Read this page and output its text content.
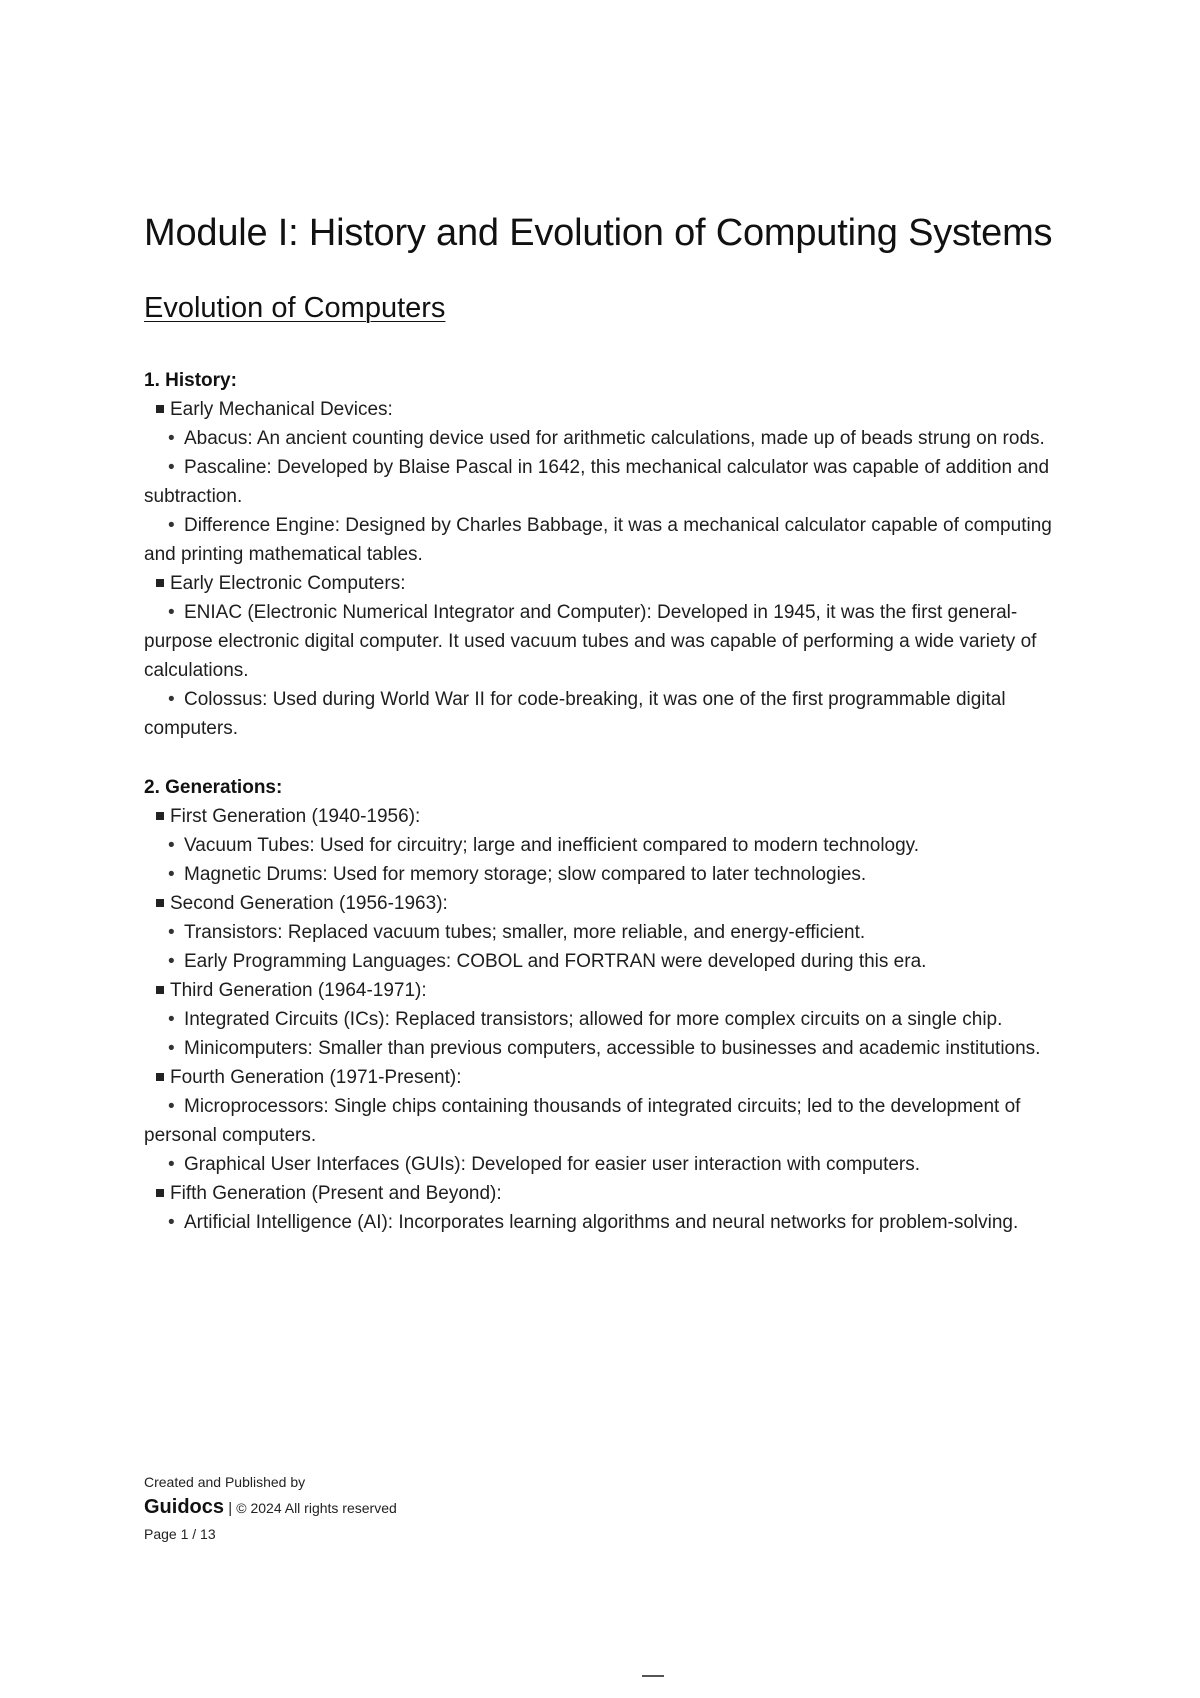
Module I: History and Evolution of Computing Systems
Evolution of Computers
1. History:
Early Mechanical Devices:
• Abacus: An ancient counting device used for arithmetic calculations, made up of beads strung on rods.
• Pascaline: Developed by Blaise Pascal in 1642, this mechanical calculator was capable of addition and subtraction.
• Difference Engine: Designed by Charles Babbage, it was a mechanical calculator capable of computing and printing mathematical tables.
Early Electronic Computers:
• ENIAC (Electronic Numerical Integrator and Computer): Developed in 1945, it was the first general-purpose electronic digital computer. It used vacuum tubes and was capable of performing a wide variety of calculations.
• Colossus: Used during World War II for code-breaking, it was one of the first programmable digital computers.
2. Generations:
First Generation (1940-1956):
• Vacuum Tubes: Used for circuitry; large and inefficient compared to modern technology.
• Magnetic Drums: Used for memory storage; slow compared to later technologies.
Second Generation (1956-1963):
• Transistors: Replaced vacuum tubes; smaller, more reliable, and energy-efficient.
• Early Programming Languages: COBOL and FORTRAN were developed during this era.
Third Generation (1964-1971):
• Integrated Circuits (ICs): Replaced transistors; allowed for more complex circuits on a single chip.
• Minicomputers: Smaller than previous computers, accessible to businesses and academic institutions.
Fourth Generation (1971-Present):
• Microprocessors: Single chips containing thousands of integrated circuits; led to the development of personal computers.
• Graphical User Interfaces (GUIs): Developed for easier user interaction with computers.
Fifth Generation (Present and Beyond):
• Artificial Intelligence (AI): Incorporates learning algorithms and neural networks for problem-solving.
Created and Published by
Guidocs | © 2024 All rights reserved
Page 1 / 13
